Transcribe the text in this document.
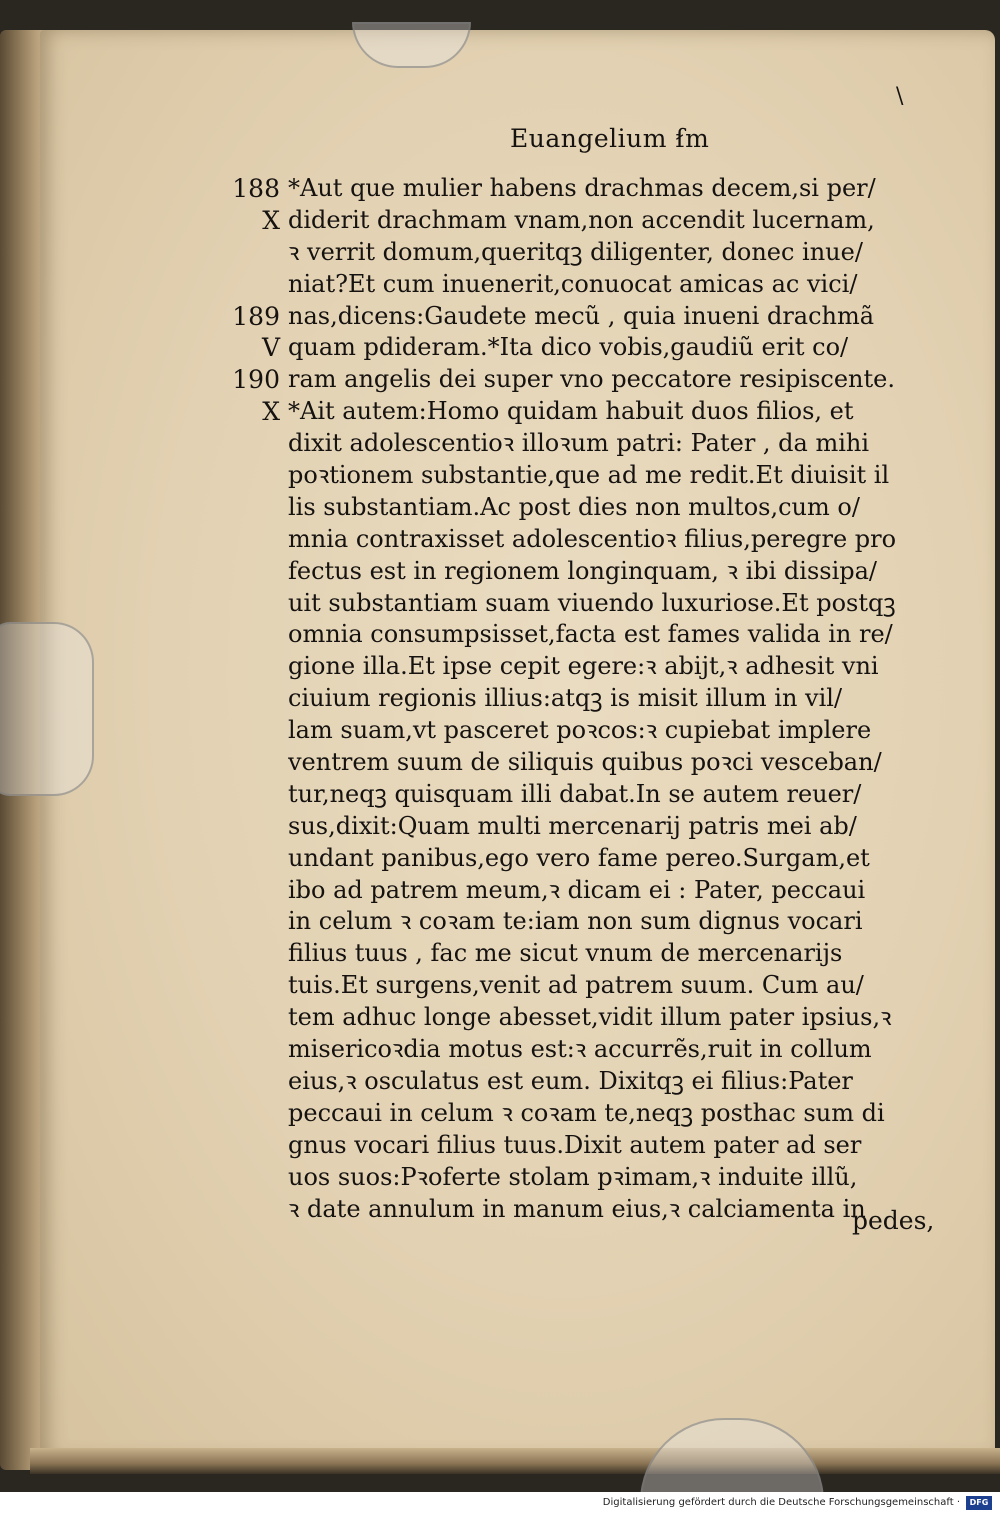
\
Euangelium ẜm
188
X
189
V
190
X
*Aut que mulier habens drachmas decem,si per/
diderit drachmam vnam,non accendit lucernam,
ꝛ verrit domum,queritqꝫ diligenter, donec inue/
niat?Et cum inuenerit,conuocat amicas ac vici/
nas,dicens:Gaudete mecũ , quia inueni drachmã
quam pdideram.*Ita dico vobis,gaudiũ erit co/
ram angelis dei super vno peccatore resipiscente.
*Ait autem:Homo quidam habuit duos filios, et
dixit adolescentioꝛ illoꝛum patri: Pater , da mihi
poꝛtionem substantie,que ad me redit.Et diuisit il
lis substantiam.Ac post dies non multos,cum o/
mnia contraxisset adolescentioꝛ filius,peregre pro
fectus est in regionem longinquam, ꝛ ibi dissipa/
uit substantiam suam viuendo luxuriose.Et postqꝫ
omnia consumpsisset,facta est fames valida in re/
gione illa.Et ipse cepit egere:ꝛ abijt,ꝛ adhesit vni
ciuium regionis illius:atqꝫ is misit illum in vil/
lam suam,vt pasceret poꝛcos:ꝛ cupiebat implere
ventrem suum de siliquis quibus poꝛci vesceban/
tur,neqꝫ quisquam illi dabat.In se autem reuer/
sus,dixit:Quam multi mercenarij patris mei ab/
undant panibus,ego vero fame pereo.Surgam,et
ibo ad patrem meum,ꝛ dicam ei : Pater, peccaui
in celum ꝛ coꝛam te:iam non sum dignus vocari
filius tuus , fac me sicut vnum de mercenarijs
tuis.Et surgens,venit ad patrem suum. Cum au/
tem adhuc longe abesset,vidit illum pater ipsius,ꝛ
misericoꝛdia motus est:ꝛ accurrẽs,ruit in collum
eius,ꝛ osculatus est eum. Dixitqꝫ ei filius:Pater
peccaui in celum ꝛ coꝛam te,neqꝫ posthac sum di
gnus vocari filius tuus.Dixit autem pater ad ser
uos suos:Pꝛoferte stolam pꝛimam,ꝛ induite illũ,
ꝛ date annulum in manum eius,ꝛ calciamenta in
pedes,
Digitalisierung gefördert durch die Deutsche Forschungsgemeinschaft ·	DFG
